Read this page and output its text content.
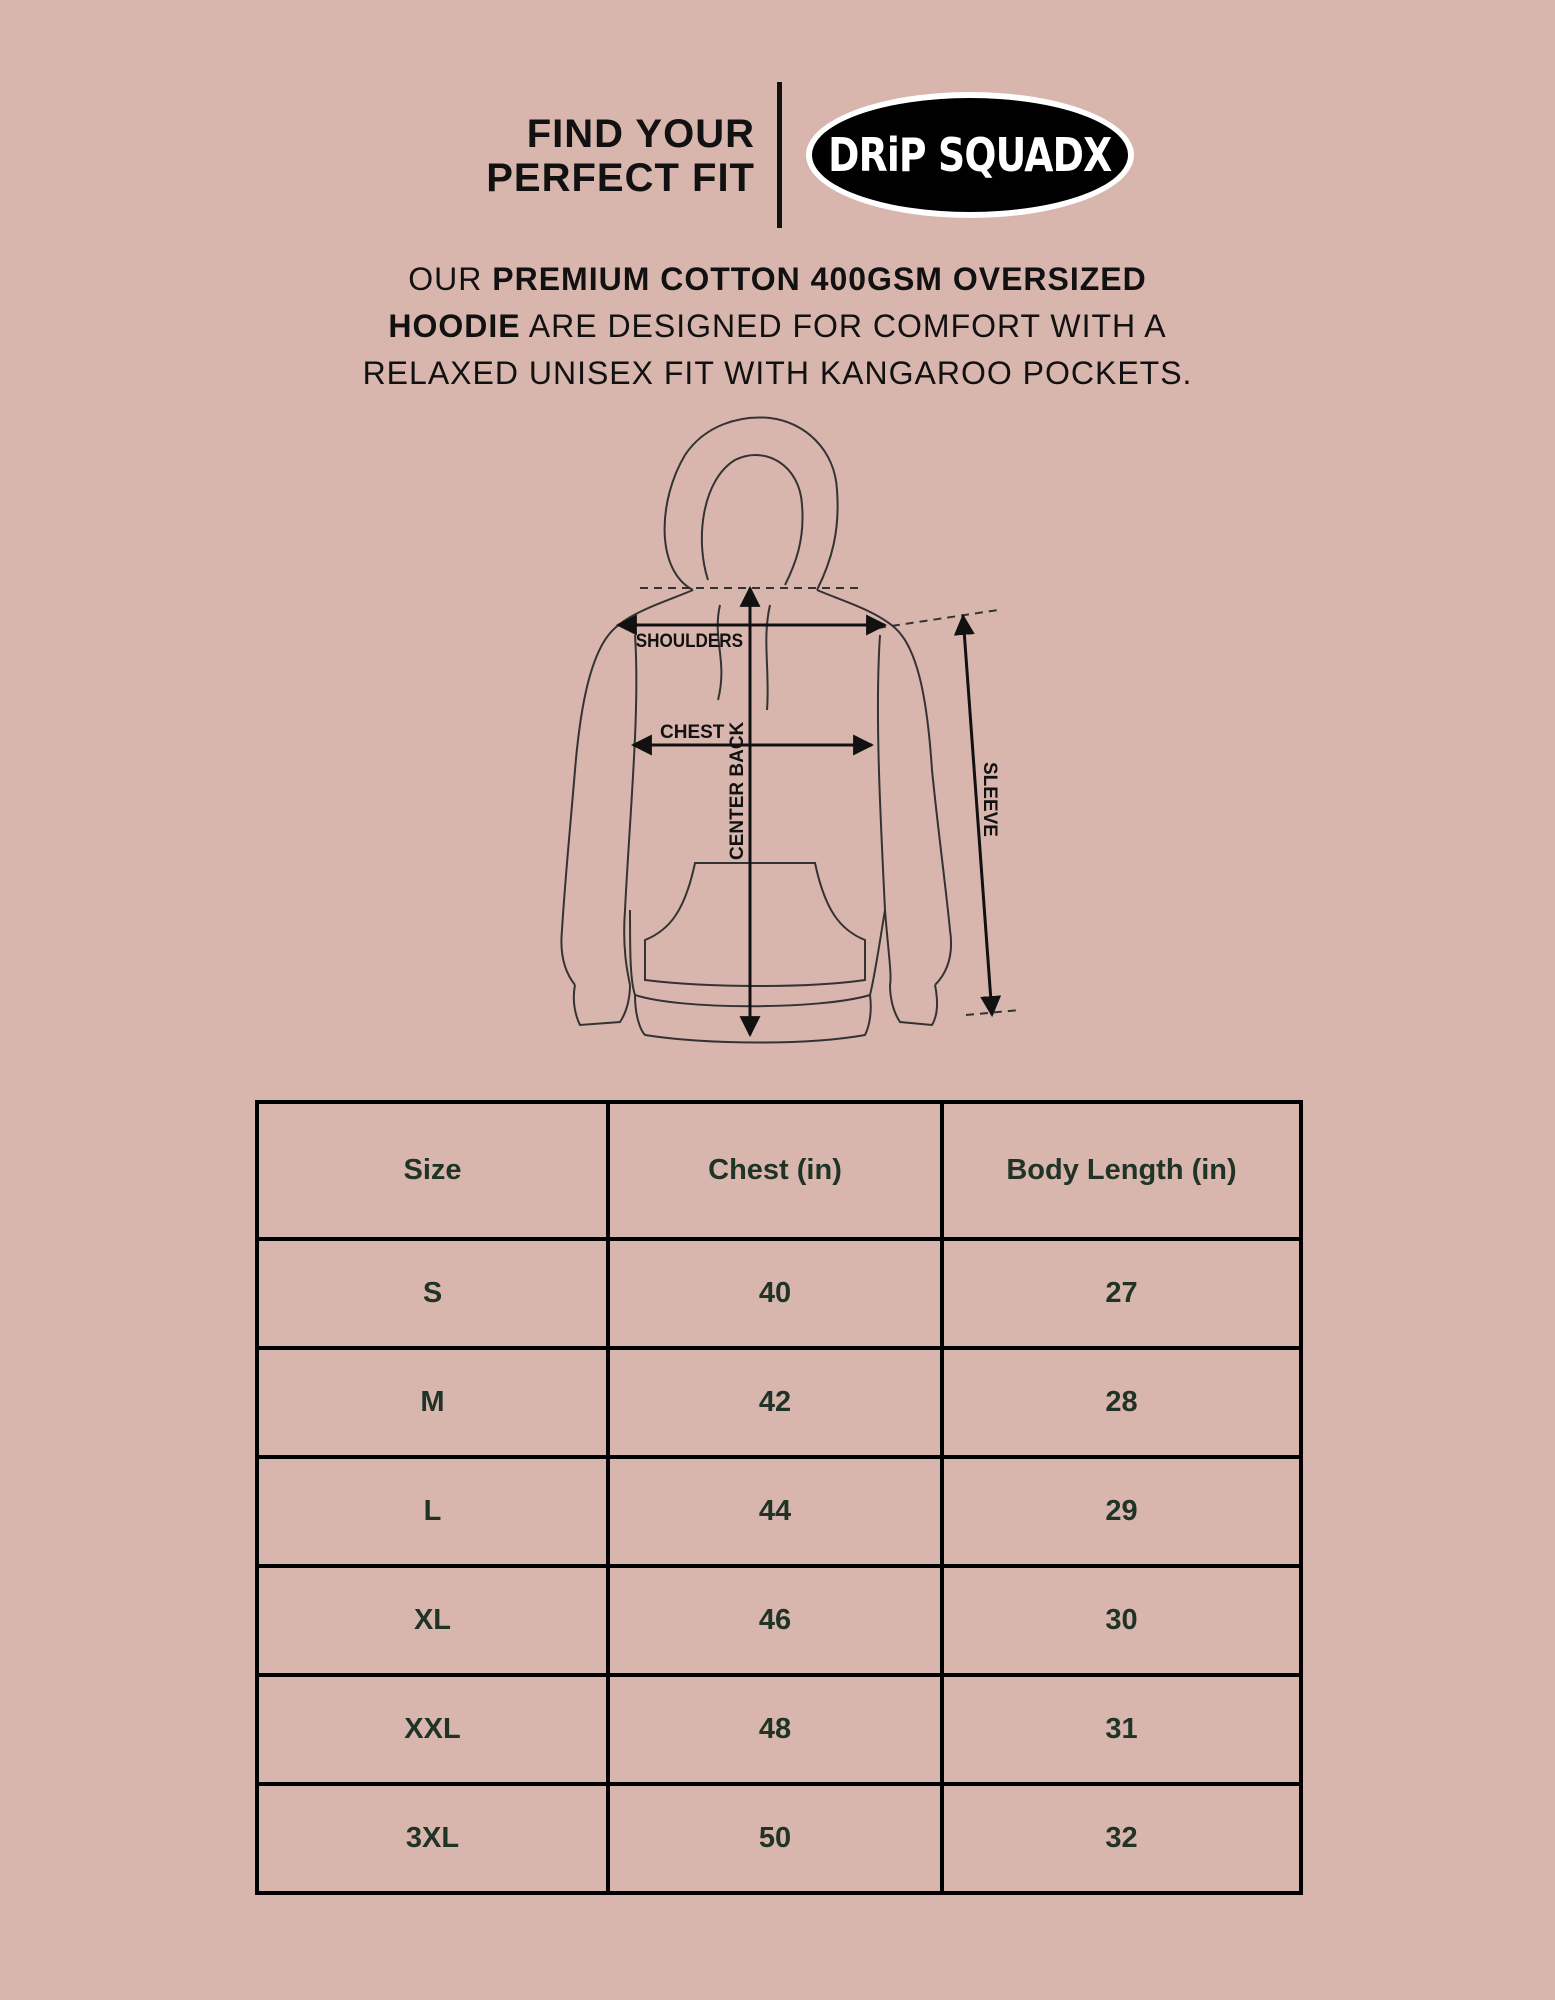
FIND YOUR
PERFECT FIT DRiP SQUADX
OUR PREMIUM COTTON 400GSM OVERSIZED
HOODIE ARE DESIGNED FOR COMFORT WITH A
RELAXED UNISEX FIT WITH KANGAROO POCKETS.
SHOULDERS
CHEST CENTER BACK	SLEEVE
Size	Chest (in)	Body Length (in)
S	40	27
M	42	28
L	44	29
XL	46	30
XXL	48	31
3XL	50	32
